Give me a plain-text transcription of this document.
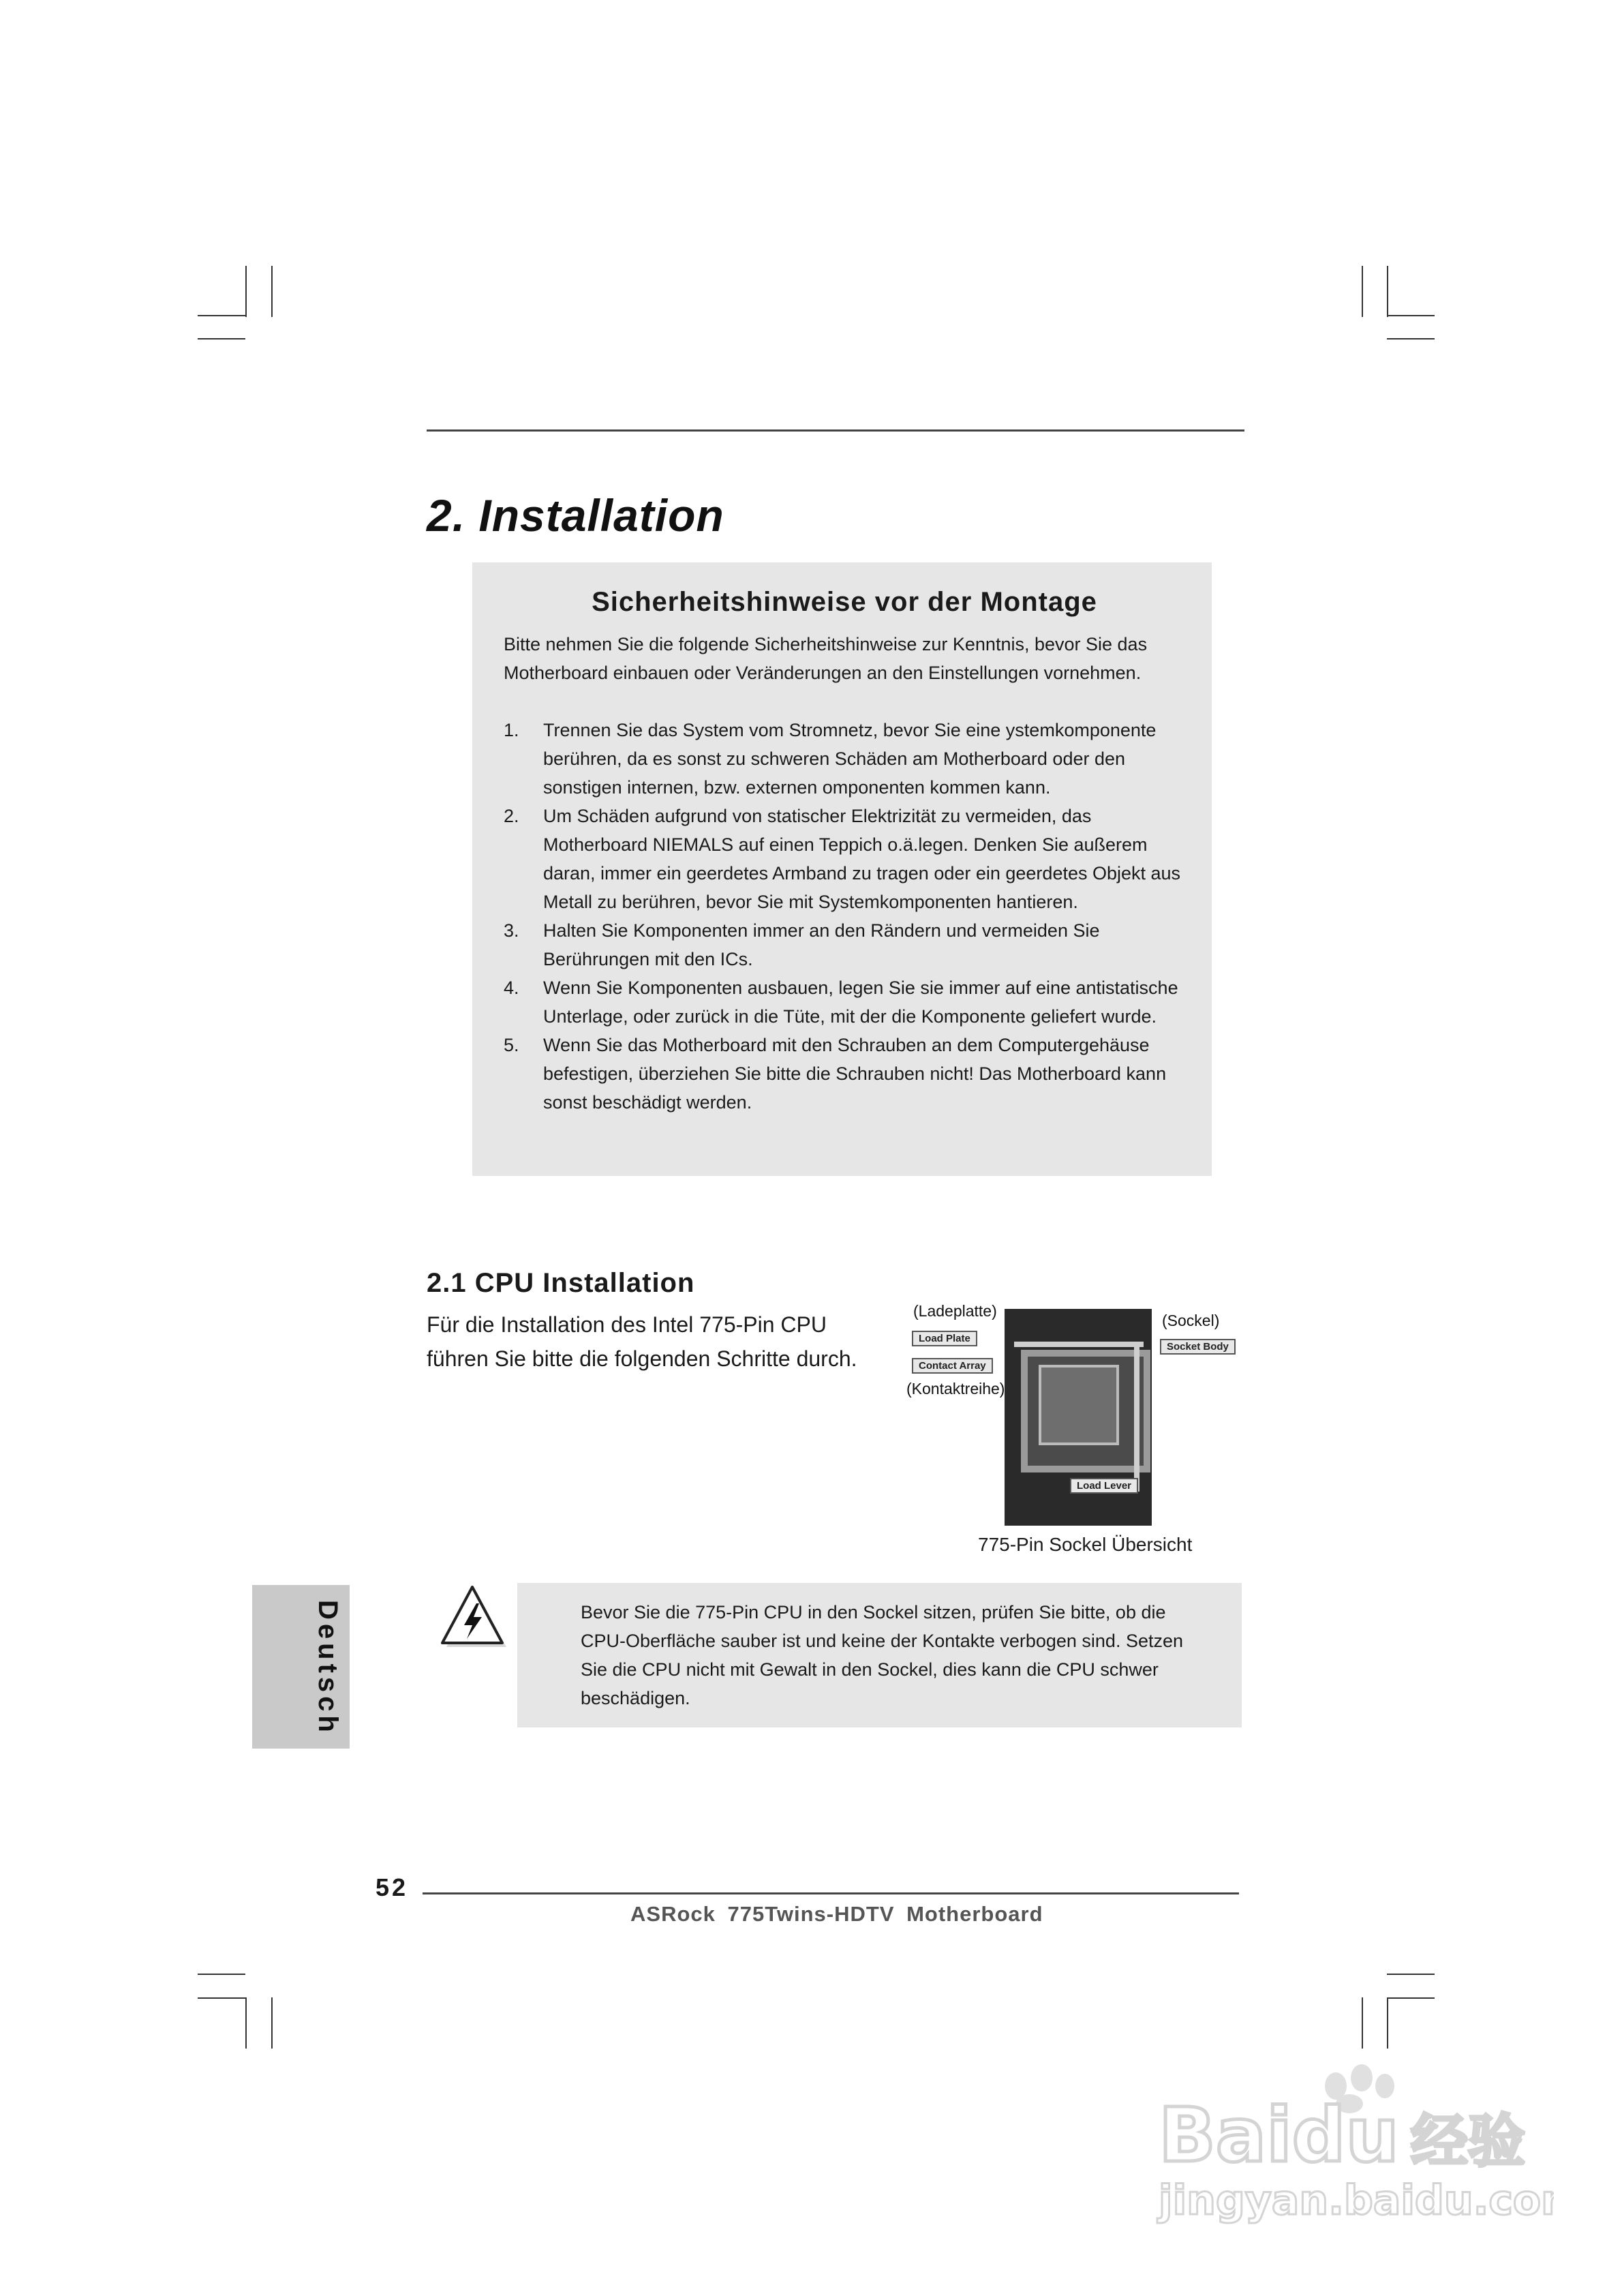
2. Installation
Sicherheitshinweise vor der Montage

Bitte nehmen Sie die folgende Sicherheitshinweise zur Kenntnis, bevor Sie das Motherboard einbauen oder Veränderungen an den Einstellungen vornehmen.

1.	Trennen Sie das System vom Stromnetz, bevor Sie eine ystemkomponente berühren, da es sonst zu schweren Schäden am Motherboard oder den sonstigen internen, bzw. externen omponenten kommen kann.
2.	Um Schäden aufgrund von statischer Elektrizität zu vermeiden, das Motherboard NIEMALS auf einen Teppich o.ä.legen. Denken Sie außerem daran, immer ein geerdetes Armband zu tragen oder ein geerdetes Objekt aus Metall zu berühren, bevor Sie mit Systemkomponenten hantieren.
3.	Halten Sie Komponenten immer an den Rändern und vermeiden Sie Berührungen mit den ICs.
4.	Wenn Sie Komponenten ausbauen, legen Sie sie immer auf eine antistatische Unterlage, oder zurück in die Tüte, mit der die Komponente geliefert wurde.
5.	Wenn Sie das Motherboard mit den Schrauben an dem Computergehäuse befestigen, überziehen Sie bitte die Schrauben nicht! Das Motherboard kann sonst beschädigt werden.
2.1 CPU Installation

Für die Installation des Intel 775-Pin CPU führen Sie bitte die folgenden Schritte durch.

(Ladeplatte)
Load Plate
Contact Array
(Kontaktreihe)
(Sockel)
Socket Body
Load Lever
775-Pin Sockel Übersicht
Deutsch	Bevor Sie die 775-Pin CPU in den Sockel sitzen, prüfen Sie bitte, ob die CPU-Oberfläche sauber ist und keine der Kontakte verbogen sind. Setzen Sie die CPU nicht mit Gewalt in den Sockel, dies kann die CPU schwer beschädigen.

52
ASRock 775Twins-HDTV Motherboard
Baidu 经验
jingyan.baidu.com
